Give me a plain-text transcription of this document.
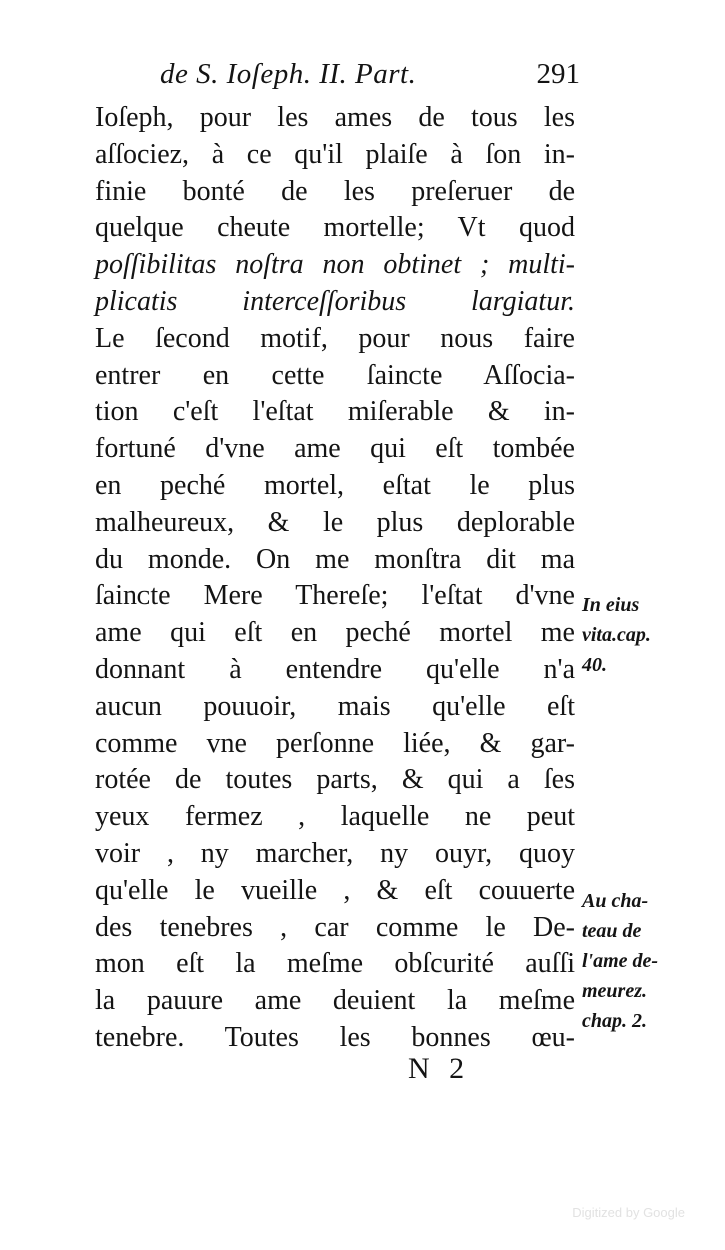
de S. Ioſeph. II. Part.	291
Ioſeph, pour les ames de tous les
aſſociez, à ce qu'il plaiſe à ſon in-
finie bonté de les preſeruer de
quelque cheute mortelle; Vt quod
poſſibilitas noſtra non obtinet ; multi-
plicatis interceſſoribus largiatur.
Le ſecond motif, pour nous faire
entrer en cette ſainᴄte Aſſocia-
tion c'eſt l'eſtat miſerable & in-
fortuné d'vne ame qui eſt tombée
en peché mortel, eſtat le plus
malheureux, & le plus deplorable
du monde. On me monſtra dit ma
ſainᴄte Mere Thereſe; l'eſtat d'vne
ame qui eſt en peché mortel me
donnant à entendre qu'elle n'a
aucun pouuoir, mais qu'elle eſt
comme vne perſonne liée, & gar-
rotée de toutes parts, & qui a ſes
yeux fermez , laquelle ne peut
voir , ny marcher, ny ouyr, quoy
qu'elle le vueille , & eſt couuerte
des tenebres , car comme le De-
mon eſt la meſme obſcurité auſſi
la pauure ame deuient la meſme
tenebre. Toutes les bonnes œu-
In eius
vita.cap.
40.
Au cha-
teau de
l'ame de-
meurez.
chap. 2.
N 2
Digitized by Google
